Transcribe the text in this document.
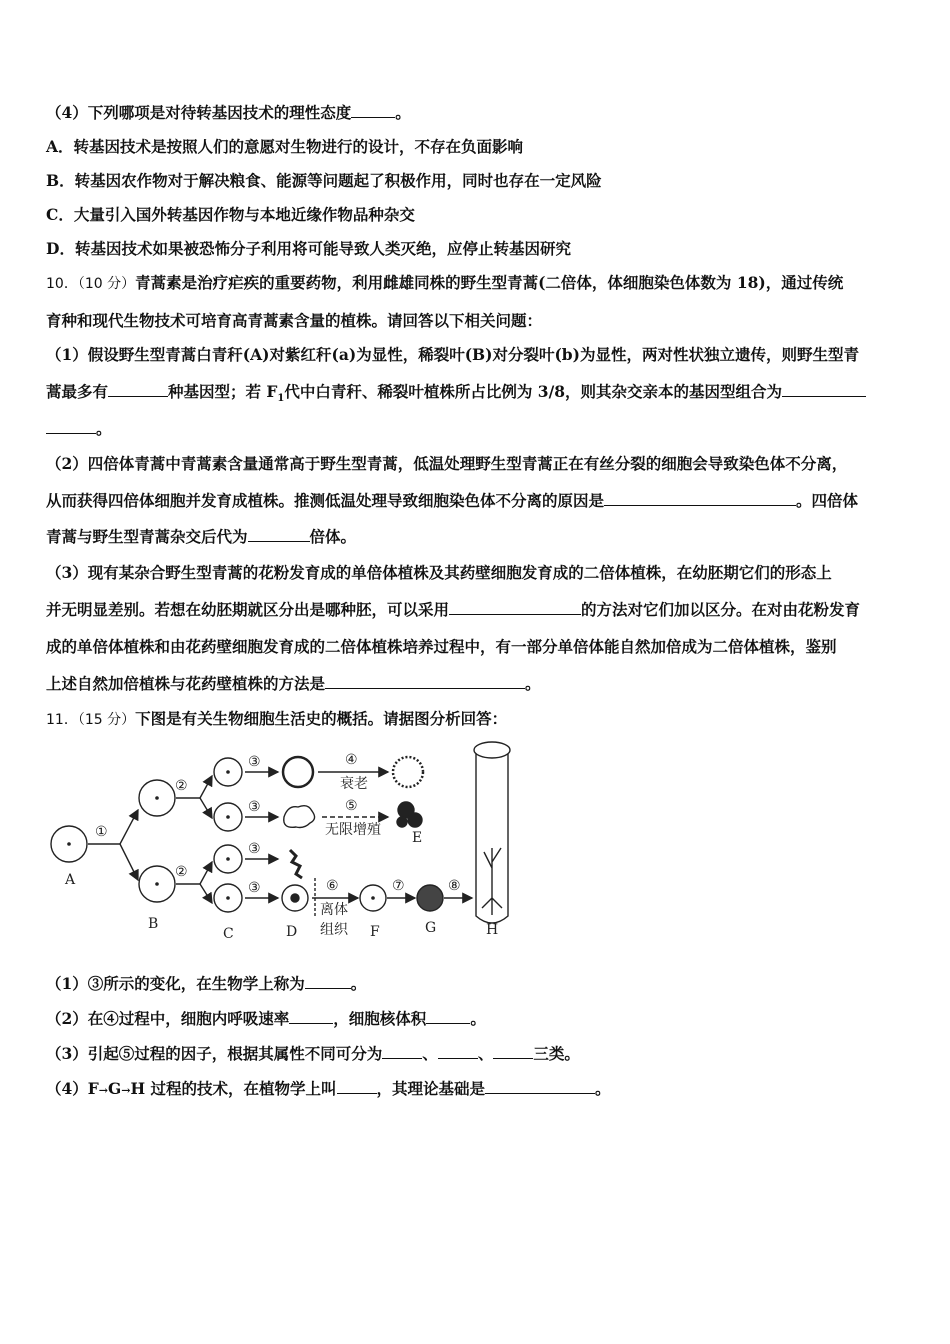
（4）下列哪项是对待转基因技术的理性态度	。
A．转基因技术是按照人们的意愿对生物进行的设计，不存在负面影响
B．转基因农作物对于解决粮食、能源等问题起了积极作用，同时也存在一定风险
C．大量引入国外转基因作物与本地近缘作物品种杂交
D．转基因技术如果被恐怖分子利用将可能导致人类灭绝，应停止转基因研究
10．（10 分）青蒿素是治疗疟疾的重要药物，利用雌雄同株的野生型青蒿(二倍体，体细胞染色体数为 18)，通过传统
育种和现代生物技术可培育高青蒿素含量的植株。请回答以下相关问题：
（1）假设野生型青蒿白青秆(A)对紫红秆(a)为显性，稀裂叶(B)对分裂叶(b)为显性，两对性状独立遗传，则野生型青
蒿最多有	种基因型；若 $F_1$代中白青秆、稀裂叶植株所占比例为 3/8，则其杂交亲本的基因型组合为
。
（2）四倍体青蒿中青蒿素含量通常高于野生型青蒿，低温处理野生型青蒿正在有丝分裂的细胞会导致染色体不分离，
从而获得四倍体细胞并发育成植株。推测低温处理导致细胞染色体不分离的原因是	。四倍体
青蒿与野生型青蒿杂交后代为	倍体。
（3）现有某杂合野生型青蒿的花粉发育成的单倍体植株及其药壁细胞发育成的二倍体植株，在幼胚期它们的形态上
并无明显差别。若想在幼胚期就区分出是哪种胚，可以采用	的方法对它们加以区分。在对由花粉发育
成的单倍体植株和由花药壁细胞发育成的二倍体植株培养过程中，有一部分单倍体能自然加倍成为二倍体植株，鉴别
上述自然加倍植株与花药壁植株的方法是	。
11．（15 分）下图是有关生物细胞生活史的概括。请据图分析回答：
①
②
②
③
③
③
③
④
衰老
⑤
无限增殖
⑥
离体
组织
⑦	⑧
A
B
C	D
E
F	G	H
（1）③所示的变化，在生物学上称为	。
（2）在④过程中，细胞内呼吸速率	，细胞核体积	。
（3）引起⑤过程的因子，根据其属性不同可分为	、	、	三类。
（4）F→G→H 过程的技术，在植物学上叫	，其理论基础是	。
